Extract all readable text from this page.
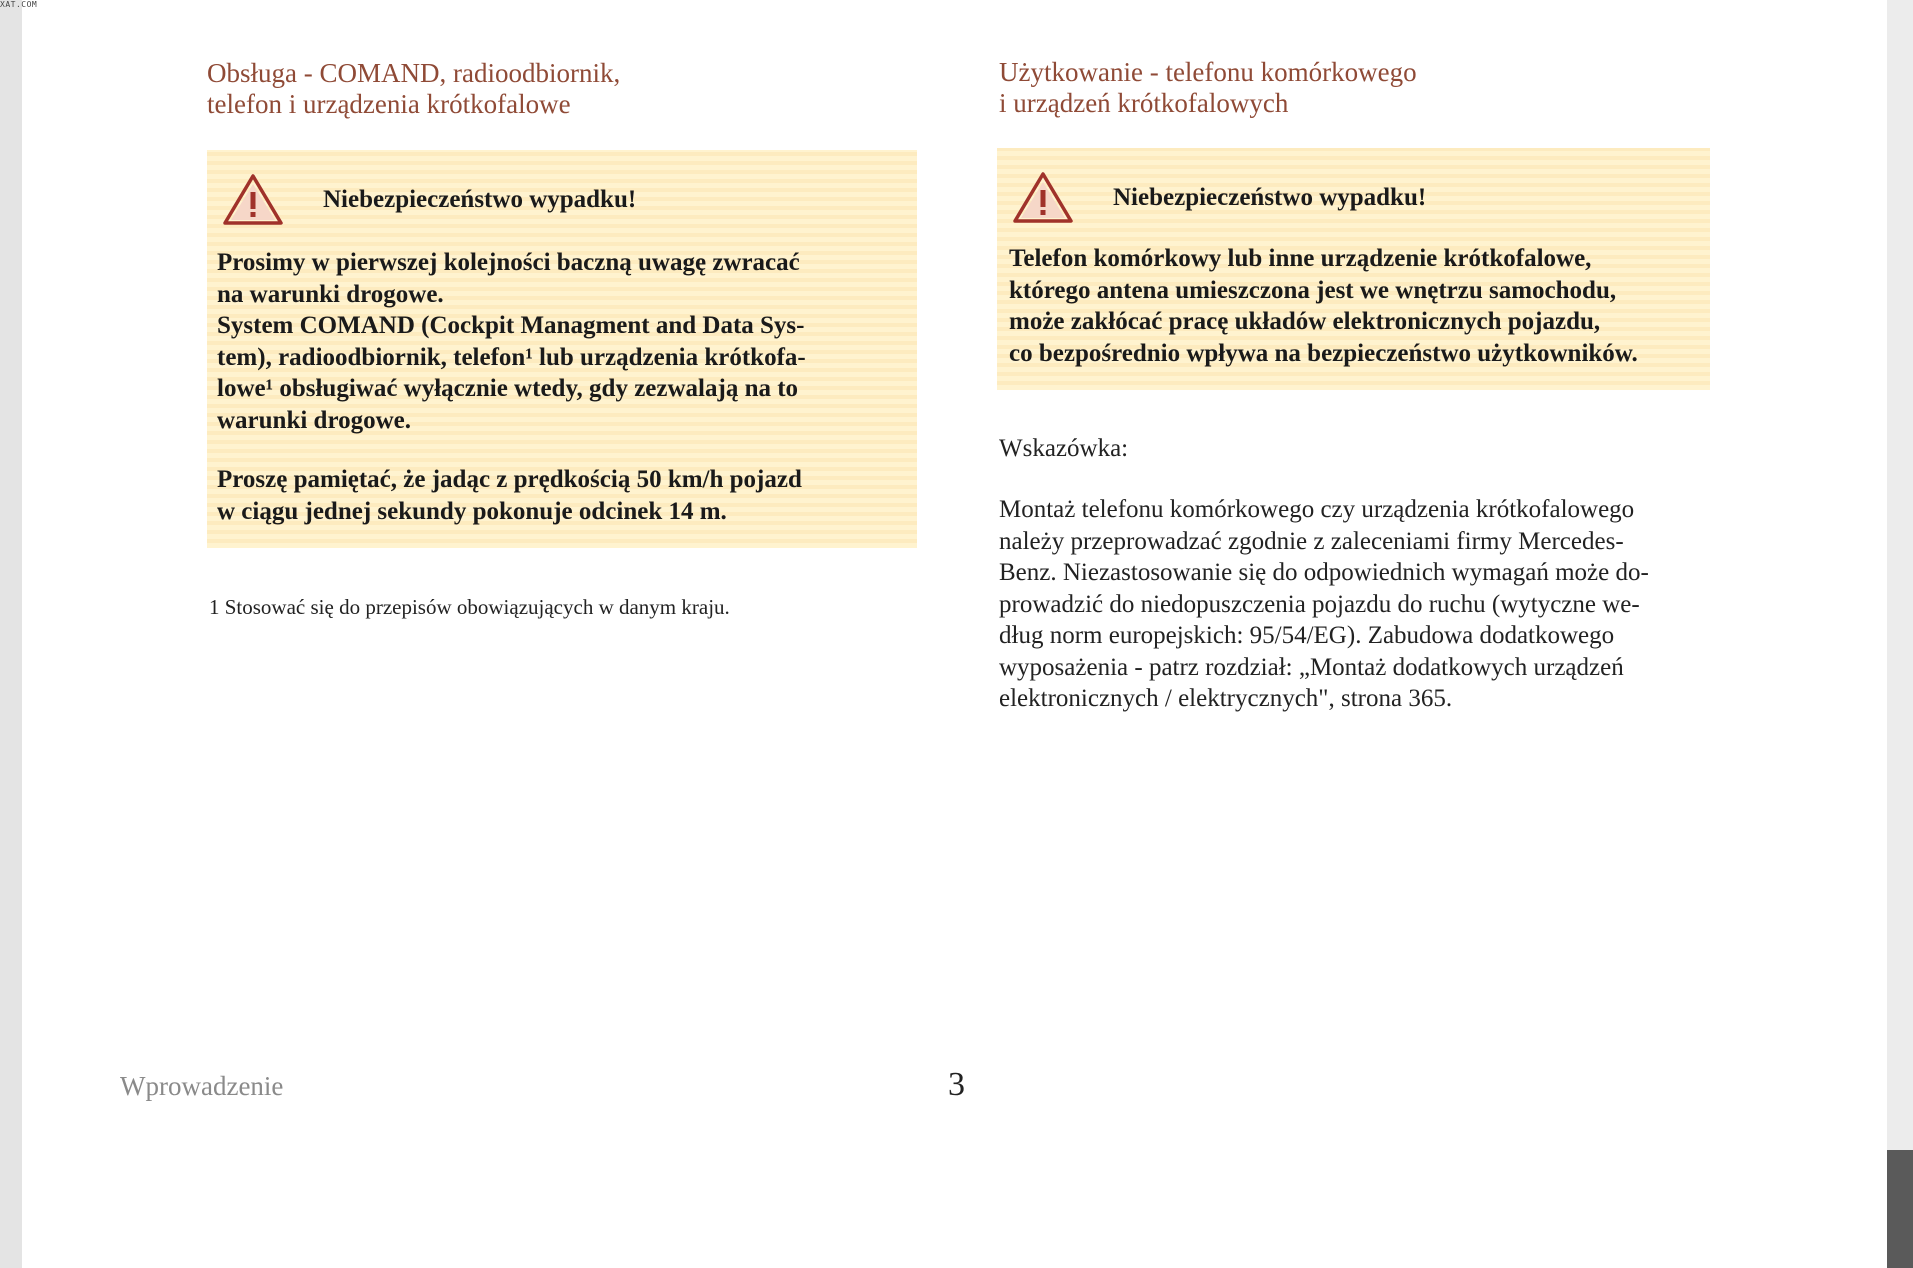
XAT.COM
Obsługa - COMAND, radioodbiornik,
telefon i urządzenia krótkofalowe
Niebezpieczeństwo wypadku!
Prosimy w pierwszej kolejności baczną uwagę zwracać
na warunki drogowe.
System COMAND (Cockpit Managment and Data Sys-
tem), radioodbiornik, telefon¹ lub urządzenia krótkofa-
lowe¹ obsługiwać wyłącznie wtedy, gdy zezwalają na to
warunki drogowe.
Proszę pamiętać, że jadąc z prędkością 50 km/h pojazd
w ciągu jednej sekundy pokonuje odcinek 14 m.
1 Stosować się do przepisów obowiązujących w danym kraju.
Użytkowanie - telefonu komórkowego
i urządzeń krótkofalowych
Niebezpieczeństwo wypadku!
Telefon komórkowy lub inne urządzenie krótkofalowe,
którego antena umieszczona jest we wnętrzu samochodu,
może zakłócać pracę układów elektronicznych pojazdu,
co bezpośrednio wpływa na bezpieczeństwo użytkowników.
Wskazówka:
Montaż telefonu komórkowego czy urządzenia krótkofalowego
należy przeprowadzać zgodnie z zaleceniami firmy Mercedes-
Benz. Niezastosowanie się do odpowiednich wymagań może do-
prowadzić do niedopuszczenia pojazdu do ruchu (wytyczne we-
dług norm europejskich: 95/54/EG). Zabudowa dodatkowego
wyposażenia - patrz rozdział: „Montaż dodatkowych urządzeń
elektronicznych / elektrycznych", strona 365.
Wprowadzenie	3
